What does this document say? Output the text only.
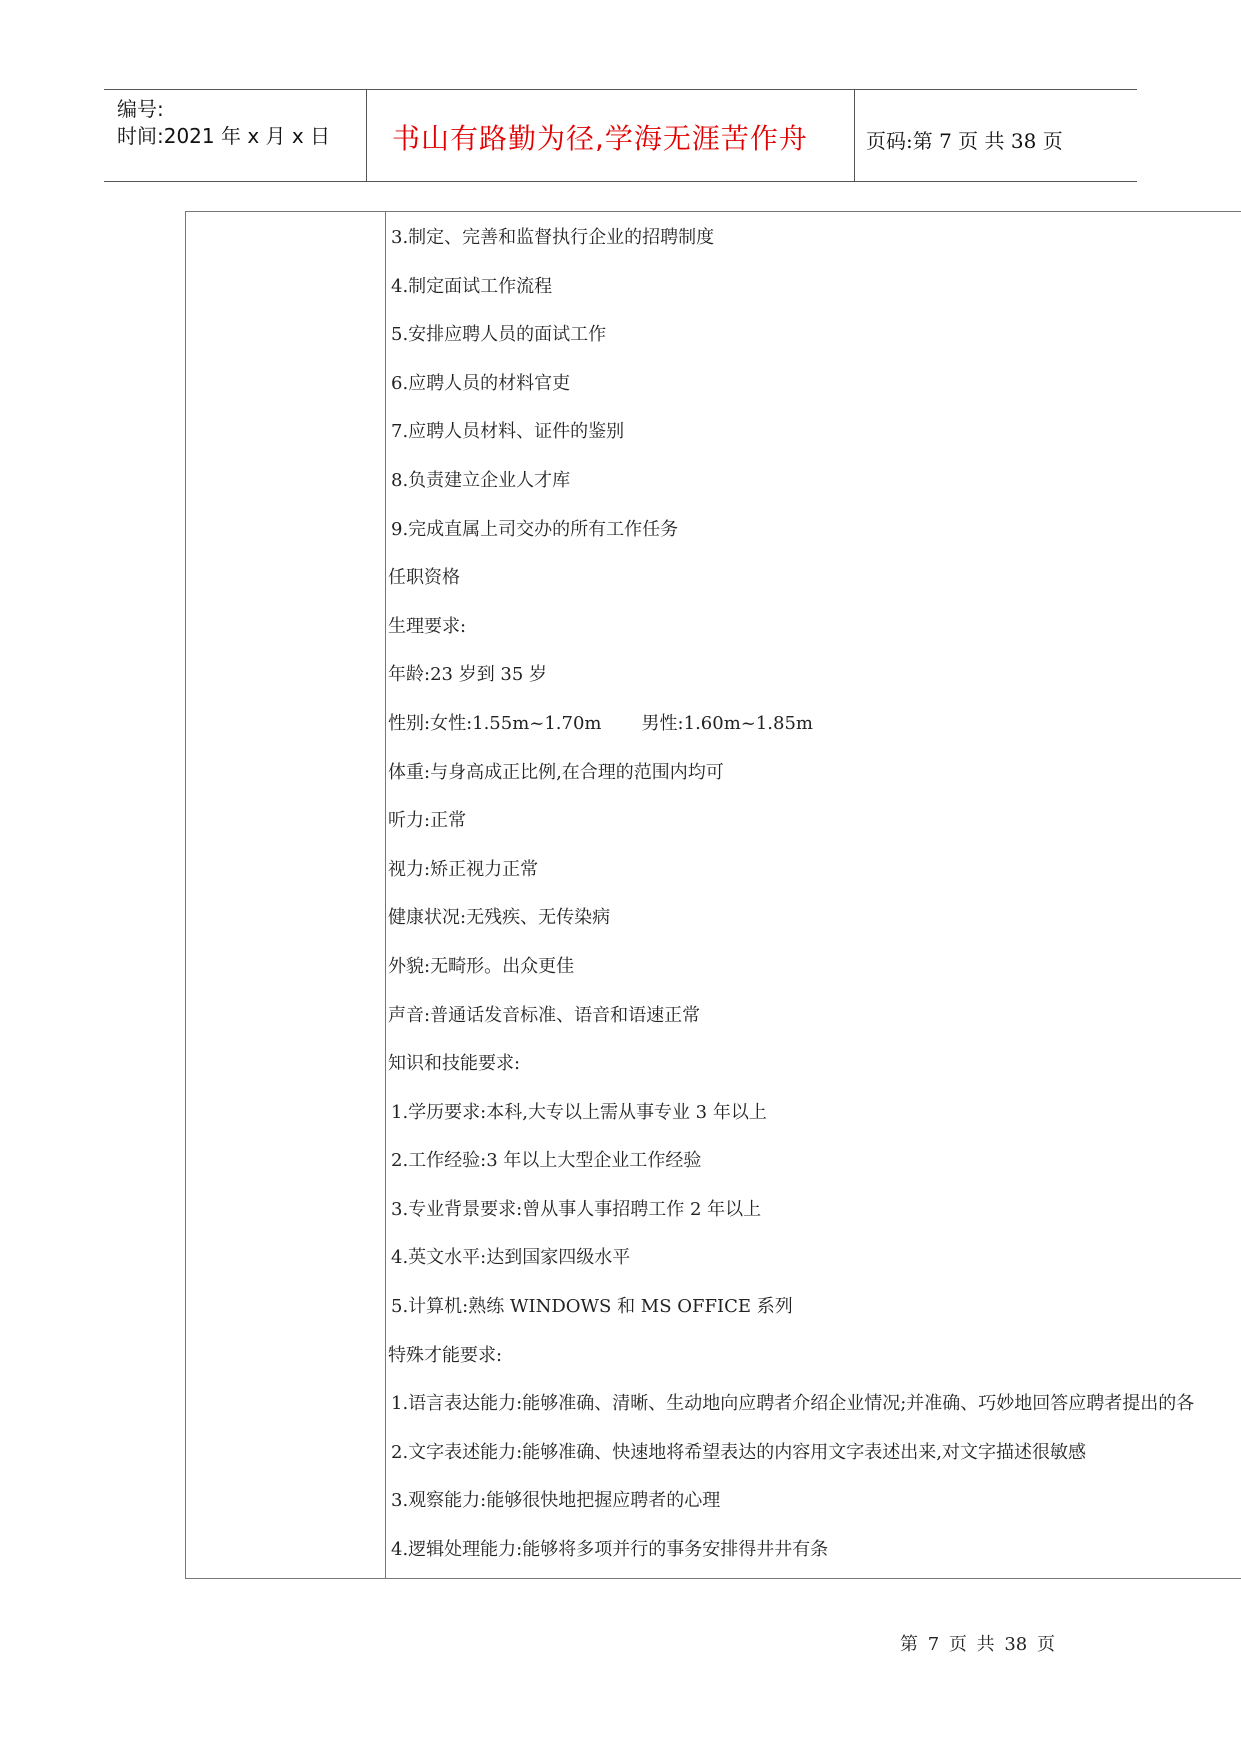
编号:
时间:2021 年 x 月 x 日 书山有路勤为径,学海无涯苦作舟	页码:第 7 页 共 38 页
3.制定、完善和监督执行企业的招聘制度
4.制定面试工作流程
5.安排应聘人员的面试工作
6.应聘人员的材料官吏
7.应聘人员材料、证件的鉴别
8.负责建立企业人才库
9.完成直属上司交办的所有工作任务
任职资格
生理要求:
年龄:23 岁到 35 岁
性别:女性:1.55m~1.70m       男性:1.60m~1.85m
体重:与身高成正比例,在合理的范围内均可
听力:正常
视力:矫正视力正常
健康状况:无残疾、无传染病
外貌:无畸形。出众更佳
声音:普通话发音标准、语音和语速正常
知识和技能要求:
1.学历要求:本科,大专以上需从事专业 3 年以上
2.工作经验:3 年以上大型企业工作经验
3.专业背景要求:曾从事人事招聘工作 2 年以上
4.英文水平:达到国家四级水平
5.计算机:熟练 WINDOWS 和 MS OFFICE 系列
特殊才能要求:
1.语言表达能力:能够准确、清晰、生动地向应聘者介绍企业情况;并准确、巧妙地回答应聘者提出的各
2.文字表述能力:能够准确、快速地将希望表达的内容用文字表述出来,对文字描述很敏感
3.观察能力:能够很快地把握应聘者的心理
4.逻辑处理能力:能够将多项并行的事务安排得井井有条
第 7 页 共 38 页
